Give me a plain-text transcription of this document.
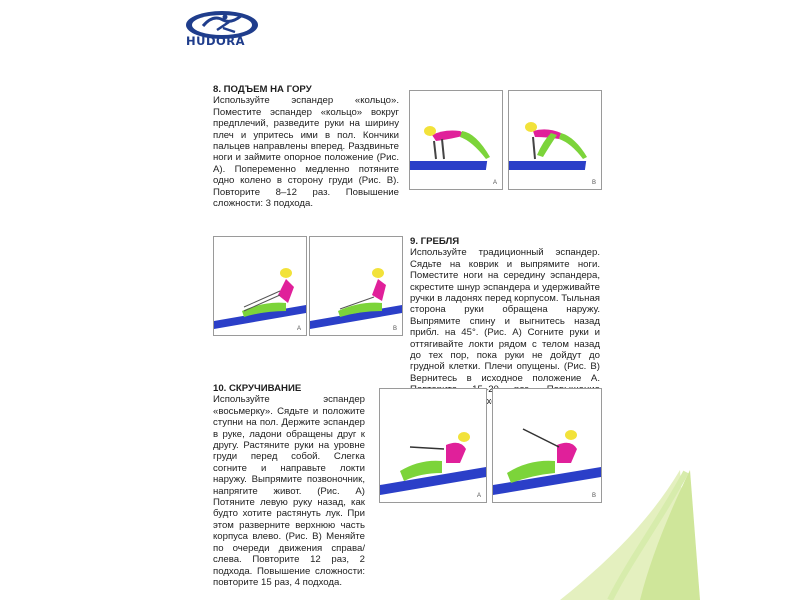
HUDORA
8. ПОДЪЕМ НА ГОРУ
Используйте эспандер «кольцо». Поместите эспандер «кольцо» вокруг предплечий, разведите руки на ширину плеч и упритесь ими в пол. Кончики пальцев направлены вперед. Раздвиньте ноги и займите опорное положение (Рис. А). Попеременно медленно потяните одно колено в сторону груди (Рис. В). Повторите 8–12 раз. Повышение сложности: 3 подхода.
A	B
A	B
9. ГРЕБЛЯ
Используйте традиционный эспандер. Сядьте на коврик и выпрямите ноги. Поместите ноги на середину эспандера, скрестите шнур эспандера и удерживайте ручки в ладонях перед корпусом. Тыльная сторона руки обращена наружу. Выпрямите спину и выгнитесь назад прибл. на 45°. (Рис. А) Согните руки и оттягивайте локти рядом с телом назад до тех пор, пока руки не дойдут до грудной клетки. Плечи опущены. (Рис. В) Вернитесь в исходное положение А. подхода.
10. СКРУЧИВАНИЕ
Используйте эспандер «восьмерку». Сядьте и положите ступни на пол. Держите эспандер в руке, ладони обращены друг к другу. Растяните руки на уровне груди перед собой. Слегка согните и направьте локти наружу. Выпрямите позвоночник, напрягите живот. (Рис. А) Потяните левую руку назад, как будто хотите растянуть лук. При этом разверните верхнюю часть корпуса влево. (Рис. В) Меняйте по очереди движения справа/слева. Повторите 12 раз, 2 подхода. Повышение сложности: повторите 15 раз, 4 подхода.
A	B
